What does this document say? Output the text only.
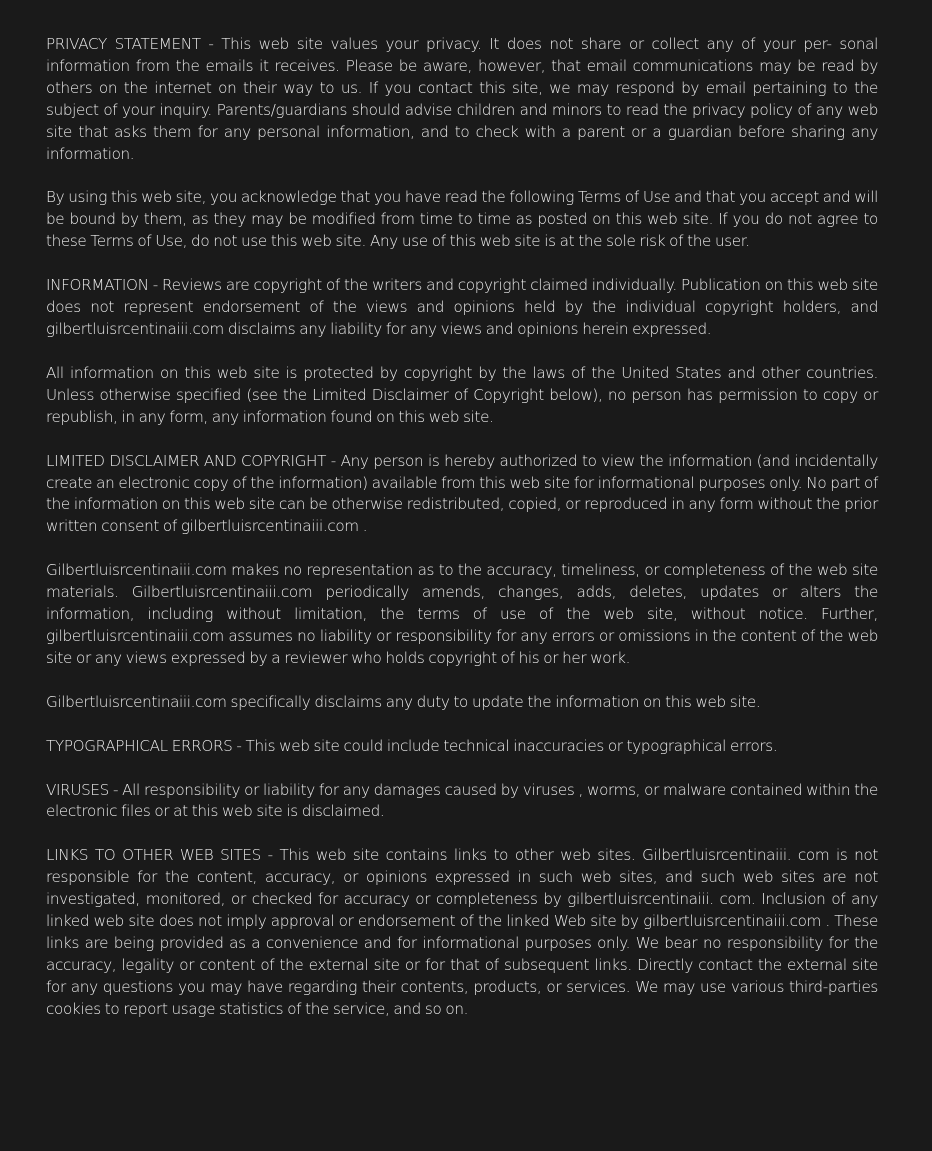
PRIVACY STATEMENT - This web site values your privacy. It does not share or collect any of your per- sonal information from the emails it receives. Please be aware, however, that email communications may be read by others on the internet on their way to us. If you contact this site, we may respond by email pertaining to the subject of your inquiry. Parents/guardians should advise children and minors to read the privacy policy of any web site that asks them for any personal information, and to check with a parent or a guardian before sharing any information.

By using this web site, you acknowledge that you have read the following Terms of Use and that you accept and will be bound by them, as they may be modified from time to time as posted on this web site. If you do not agree to these Terms of Use, do not use this web site. Any use of this web site is at the sole risk of the user.

INFORMATION - Reviews are copyright of the writers and copyright claimed individually. Publication on this web site does not represent endorsement of the views and opinions held by the individual copyright holders, and gilbertluisrcentinaiii.com disclaims any liability for any views and opinions herein expressed.

All information on this web site is protected by copyright by the laws of the United States and other countries. Unless otherwise specified (see the Limited Disclaimer of Copyright below), no person has permission to copy or republish, in any form, any information found on this web site.

LIMITED DISCLAIMER AND COPYRIGHT - Any person is hereby authorized to view the information (and incidentally create an electronic copy of the information) available from this web site for informational purposes only. No part of the information on this web site can be otherwise redistributed, copied, or reproduced in any form without the prior written consent of gilbertluisrcentinaiii.com .

Gilbertluisrcentinaiii.com makes no representation as to the accuracy, timeliness, or completeness of the web site materials. Gilbertluisrcentinaiii.com periodically amends, changes, adds, deletes, updates or alters the information, including without limitation, the terms of use of the web site, without notice. Further, gilbertluisrcentinaiii.com assumes no liability or responsibility for any errors or omissions in the content of the web site or any views expressed by a reviewer who holds copyright of his or her work.

Gilbertluisrcentinaiii.com specifically disclaims any duty to update the information on this web site.

TYPOGRAPHICAL ERRORS - This web site could include technical inaccuracies or typographical errors.

VIRUSES - All responsibility or liability for any damages caused by viruses , worms, or malware contained within the electronic files or at this web site is disclaimed.

LINKS TO OTHER WEB SITES - This web site contains links to other web sites. Gilbertluisrcentinaiii. com is not responsible for the content, accuracy, or opinions expressed in such web sites, and such web sites are not investigated, monitored, or checked for accuracy or completeness by gilbertluisrcentinaiii. com. Inclusion of any linked web site does not imply approval or endorsement of the linked Web site by gilbertluisrcentinaiii.com . These links are being provided as a convenience and for informational purposes only. We bear no responsibility for the accuracy, legality or content of the external site or for that of subsequent links. Directly contact the external site for any questions you may have regarding their contents, products, or services. We may use various third-parties cookies to report usage statistics of the service, and so on.
